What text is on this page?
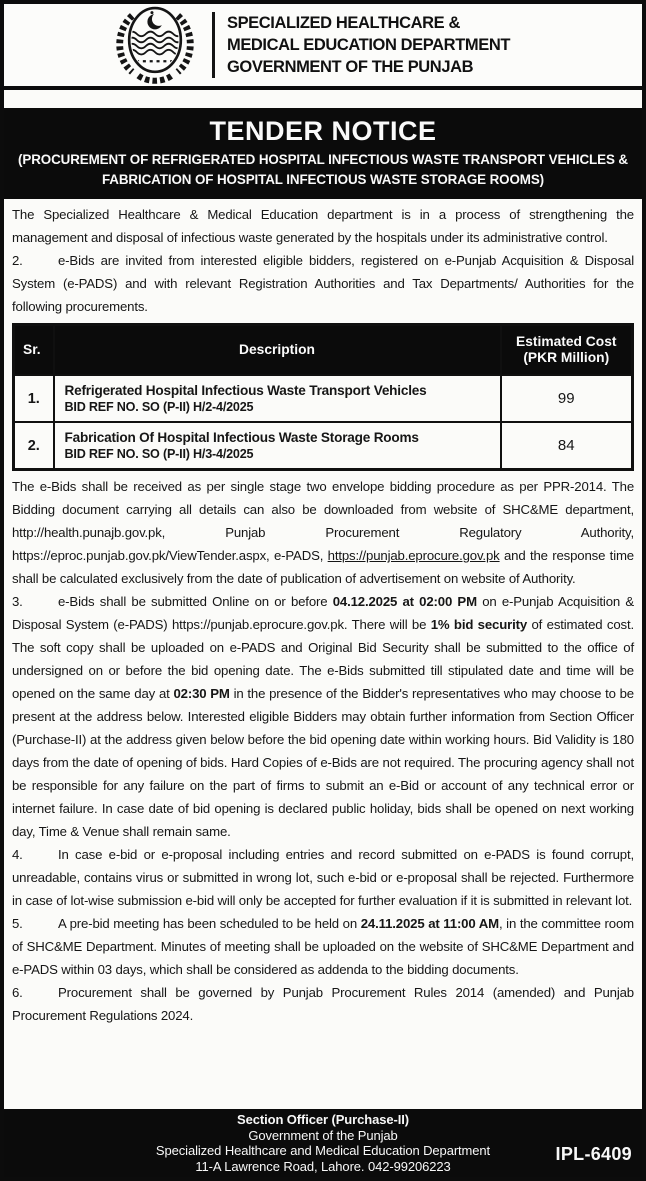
SPECIALIZED HEALTHCARE &
MEDICAL EDUCATION DEPARTMENT
GOVERNMENT OF THE PUNJAB
TENDER NOTICE
(PROCUREMENT OF REFRIGERATED HOSPITAL INFECTIOUS WASTE TRANSPORT VEHICLES &
FABRICATION OF HOSPITAL INFECTIOUS WASTE STORAGE ROOMS)

The Specialized Healthcare & Medical Education department is in a process of strengthening the management and disposal of infectious waste generated by the hospitals under its administrative control.

2.	e-Bids are invited from interested eligible bidders, registered on e-Punjab Acquisition & Disposal System (e-PADS) and with relevant Registration Authorities and Tax Departments/ Authorities for the following procurements.

Sr.	Description	Estimated Cost
(PKR Million)

1.	Refrigerated Hospital Infectious Waste Transport Vehicles
BID REF NO. SO (P-II) H/2-4/2025	99
2.	Fabrication Of Hospital Infectious Waste Storage Rooms
BID REF NO. SO (P-II) H/3-4/2025	84

The e-Bids shall be received as per single stage two envelope bidding procedure as per PPR-2014. The Bidding document carrying all details can also be downloaded from website of SHC&ME department, http://health.punajb.gov.pk, Punjab Procurement Regulatory Authority, https://eproc.punjab.gov.pk/ViewTender.aspx, e-PADS, https://punjab.eprocure.gov.pk and the response time shall be calculated exclusively from the date of publication of advertisement on website of Authority.

3.	e-Bids shall be submitted Online on or before 04.12.2025 at 02:00 PM on e-Punjab Acquisition & Disposal System (e-PADS) https://punjab.eprocure.gov.pk. There will be 1% bid security of estimated cost. The soft copy shall be uploaded on e-PADS and Original Bid Security shall be submitted to the office of undersigned on or before the bid opening date. The e-Bids submitted till stipulated date and time will be opened on the same day at 02:30 PM in the presence of the Bidder's representatives who may choose to be present at the address below. Interested eligible Bidders may obtain further information from Section Officer (Purchase-II) at the address given below before the bid opening date within working hours. Bid Validity is 180 days from the date of opening of bids. Hard Copies of e-Bids are not required. The procuring agency shall not be responsible for any failure on the part of firms to submit an e-Bid or account of any technical error or internet failure. In case date of bid opening is declared public holiday, bids shall be opened on next working day, Time & Venue shall remain same.

4.	In case e-bid or e-proposal including entries and record submitted on e-PADS is found corrupt, unreadable, contains virus or submitted in wrong lot, such e-bid or e-proposal shall be rejected. Furthermore in case of lot-wise submission e-bid will only be accepted for further evaluation if it is submitted in relevant lot.

5.	A pre-bid meeting has been scheduled to be held on 24.11.2025 at 11:00 AM, in the committee room of SHC&ME Department. Minutes of meeting shall be uploaded on the website of SHC&ME Department and e-PADS within 03 days, which shall be considered as addenda to the bidding documents.

6.	Procurement shall be governed by Punjab Procurement Rules 2014 (amended) and Punjab Procurement Regulations 2024.

Section Officer (Purchase-II)
Government of the Punjab
Specialized Healthcare and Medical Education Department
11-A Lawrence Road, Lahore. 042-99206223
IPL-6409
